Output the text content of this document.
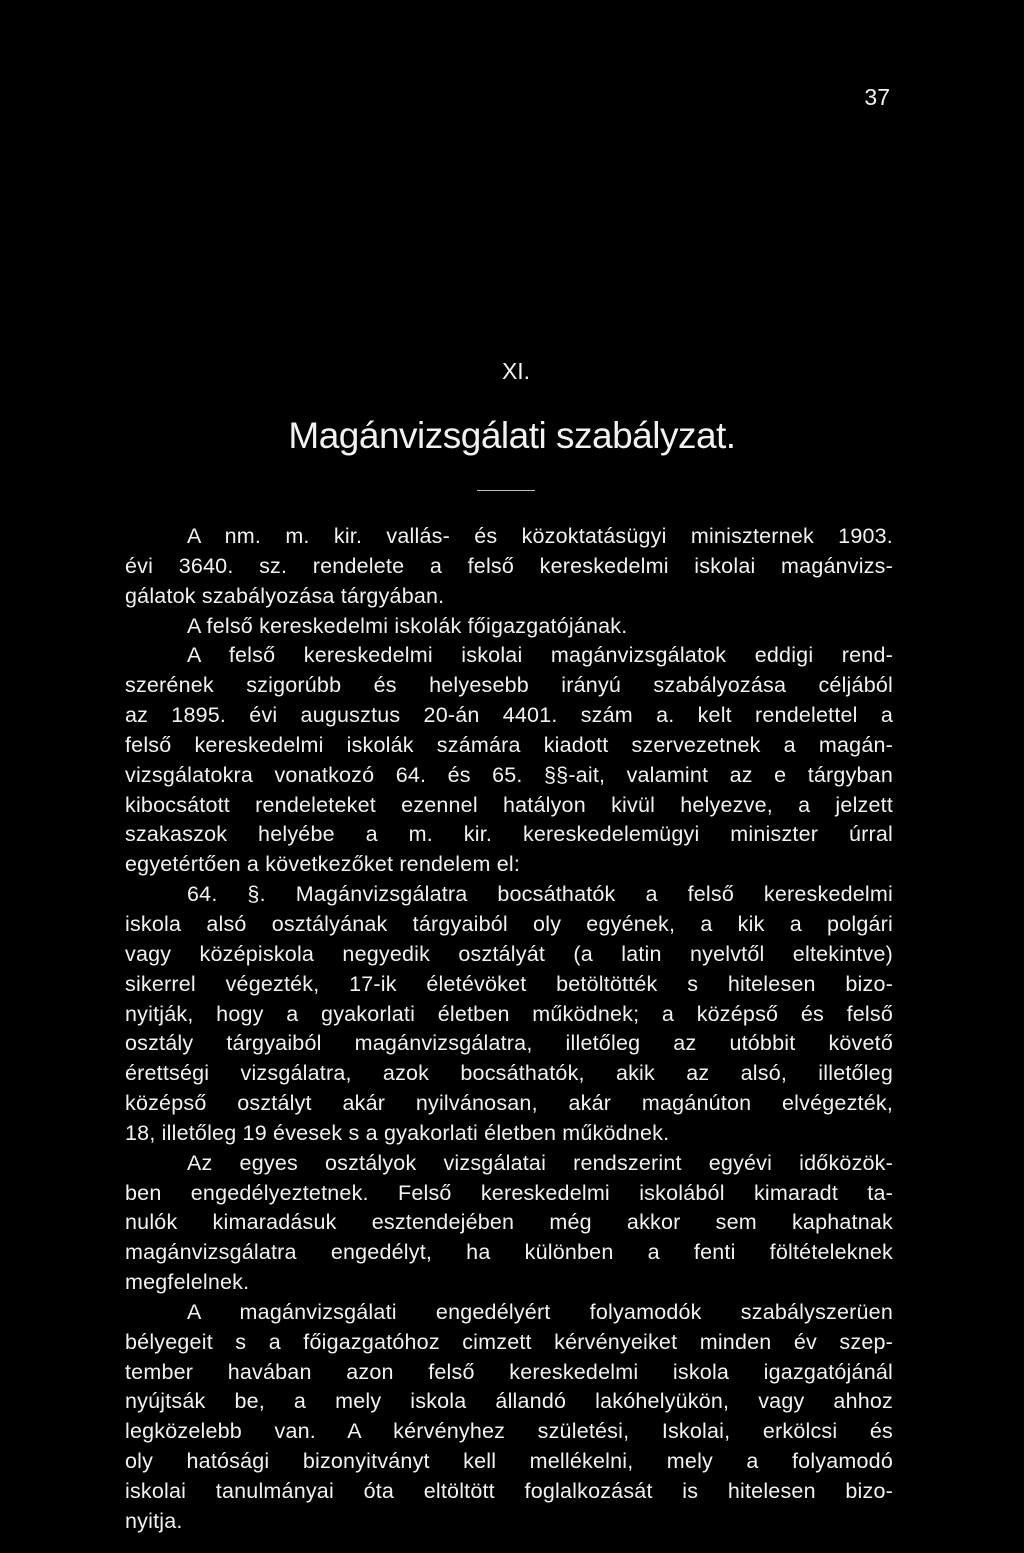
37
XI.
Magánvizsgálati szabályzat.
A nm. m. kir. vallás- és közoktatásügyi miniszternek 1903.
évi 3640. sz. rendelete a felső kereskedelmi iskolai magánvizs-
gálatok szabályozása tárgyában.
A felső kereskedelmi iskolák főigazgatójának.
A felső kereskedelmi iskolai magánvizsgálatok eddigi rend-
szerének szigorúbb és helyesebb irányú szabályozása céljából
az 1895. évi augusztus 20-án 4401. szám a. kelt rendelettel a
felső kereskedelmi iskolák számára kiadott szervezetnek a magán-
vizsgálatokra vonatkozó 64. és 65. §§-ait, valamint az e tárgyban
kibocsátott rendeleteket ezennel hatályon kivül helyezve, a jelzett
szakaszok helyébe a m. kir. kereskedelemügyi miniszter úrral
egyetértően a következőket rendelem el:
64. §. Magánvizsgálatra bocsáthatók a felső kereskedelmi
iskola alsó osztályának tárgyaiból oly egyének, a kik a polgári
vagy középiskola negyedik osztályát (a latin nyelvtől eltekintve)
sikerrel végezték, 17-ik életévöket betöltötték s hitelesen bizo-
nyitják, hogy a gyakorlati életben működnek; a középső és felső
osztály tárgyaiból magánvizsgálatra, illetőleg az utóbbit követő
érettségi vizsgálatra, azok bocsáthatók, akik az alsó, illetőleg
középső osztályt akár nyilvánosan, akár magánúton elvégezték,
18, illetőleg 19 évesek s a gyakorlati életben működnek.
Az egyes osztályok vizsgálatai rendszerint egyévi időközök-
ben engedélyeztetnek. Felső kereskedelmi iskolából kimaradt ta-
nulók kimaradásuk esztendejében még akkor sem kaphatnak
magánvizsgálatra engedélyt, ha különben a fenti föltételeknek
megfelelnek.
A magánvizsgálati engedélyért folyamodók szabályszerüen
bélyegeit s a főigazgatóhoz cimzett kérvényeiket minden év szep-
tember havában azon felső kereskedelmi iskola igazgatójánál
nyújtsák be, a mely iskola állandó lakóhelyükön, vagy ahhoz
legközelebb van. A kérvényhez születési, Iskolai, erkölcsi és
oly hatósági bizonyitványt kell mellékelni, mely a folyamodó
iskolai tanulmányai óta eltöltött foglalkozását is hitelesen bizo-
nyitja.
